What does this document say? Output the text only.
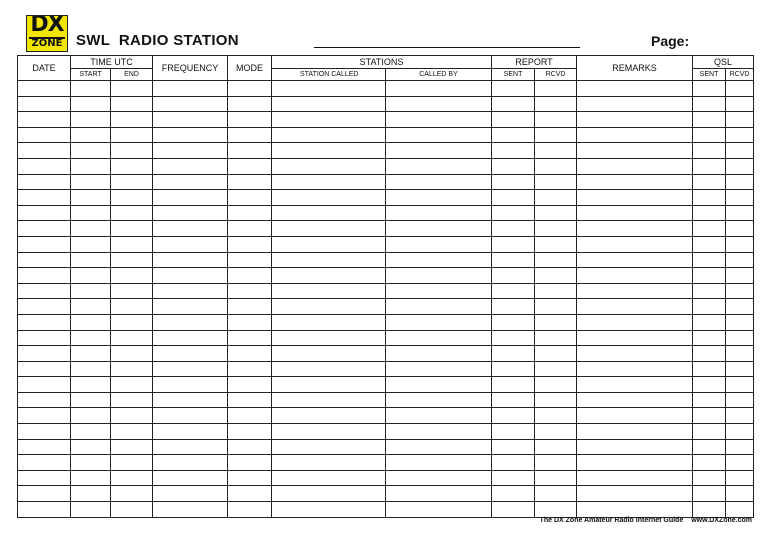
DX
ZONE SWL  RADIO STATION	Page:
DATE	TIME UTC		FREQUENCY	MODE	STATIONS		REPORT		REMARKS	QSL	
	START	END			STATION CALLED	CALLED BY	SENT	RCVD		SENT	RCVD

The DX Zone Amateur Radio Internet Guide www.DXZone.com
